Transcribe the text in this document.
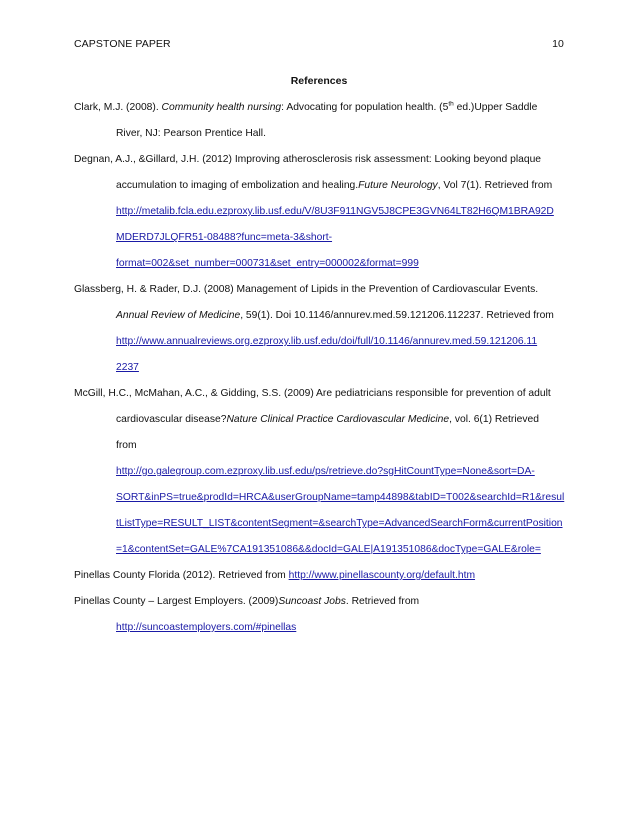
CAPSTONE PAPER	10
References
Clark, M.J. (2008). Community health nursing: Advocating for population health. (5th ed.)Upper Saddle
River, NJ: Pearson Prentice Hall.
Degnan, A.J., &Gillard, J.H. (2012) Improving atherosclerosis risk assessment: Looking beyond plaque
accumulation to imaging of embolization and healing.Future Neurology, Vol 7(1). Retrieved from
http://metalib.fcla.edu.ezproxy.lib.usf.edu/V/8U3F911NGV5J8CPE3GVN64LT82H6QM1BRA92D
MDERD7JLQFR51-08488?func=meta-3&short-
format=002&set_number=000731&set_entry=000002&format=999
Glassberg, H. & Rader, D.J. (2008) Management of Lipids in the Prevention of Cardiovascular Events.
Annual Review of Medicine, 59(1). Doi 10.1146/annurev.med.59.121206.112237. Retrieved from
http://www.annualreviews.org.ezproxy.lib.usf.edu/doi/full/10.1146/annurev.med.59.121206.11
2237
McGill, H.C., McMahan, A.C., & Gidding, S.S. (2009) Are pediatricians responsible for prevention of adult
cardiovascular disease?Nature Clinical Practice Cardiovascular Medicine, vol. 6(1) Retrieved
from
http://go.galegroup.com.ezproxy.lib.usf.edu/ps/retrieve.do?sgHitCountType=None&sort=DA-
SORT&inPS=true&prodId=HRCA&userGroupName=tamp44898&tabID=T002&searchId=R1&resul
tListType=RESULT_LIST&contentSegment=&searchType=AdvancedSearchForm&currentPosition
=1&contentSet=GALE%7CA191351086&&docId=GALE|A191351086&docType=GALE&role=
Pinellas County Florida (2012). Retrieved from http://www.pinellascounty.org/default.htm
Pinellas County – Largest Employers. (2009)Suncoast Jobs. Retrieved from
http://suncoastemployers.com/#pinellas
